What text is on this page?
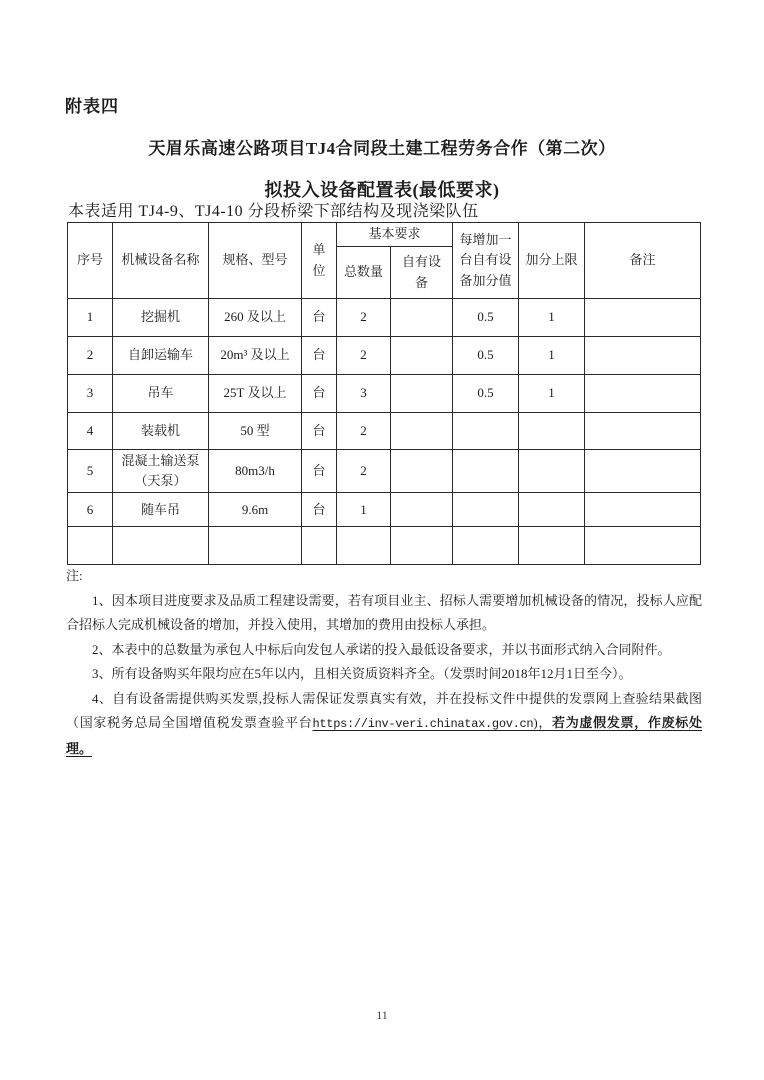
附表四
天眉乐高速公路项目TJ4合同段土建工程劳务合作（第二次）
拟投入设备配置表(最低要求)
本表适用 TJ4-9、TJ4-10 分段桥梁下部结构及现浇梁队伍
序号	机械设备名称	规格、型号	单位	基本要求		每增加一台自有设备加分值	加分上限	备注
				总数量	自有设备			
1	挖掘机	260 及以上	台	2		0.5	1	
2	自卸运输车	20m³ 及以上	台	2		0.5	1	
3	吊车	25T 及以上	台	3		0.5	1	
4	装载机	50 型	台	2				
5	混凝土输送泵（天泵）	80m3/h	台	2				
6	随车吊	9.6m	台	1				

注:

1、因本项目进度要求及品质工程建设需要，若有项目业主、招标人需要增加机械设备的情况，投标人应配合招标人完成机械设备的增加，并投入使用，其增加的费用由投标人承担。

2、本表中的总数量为承包人中标后向发包人承诺的投入最低设备要求，并以书面形式纳入合同附件。

3、所有设备购买年限均应在5年以内，且相关资质资料齐全。（发票时间2018年12月1日至今）。

4、自有设备需提供购买发票,投标人需保证发票真实有效，并在投标文件中提供的发票网上查验结果截图（国家税务总局全国增值税发票查验平台https://inv-veri.chinatax.gov.cn)，若为虚假发票，作废标处理。

11
